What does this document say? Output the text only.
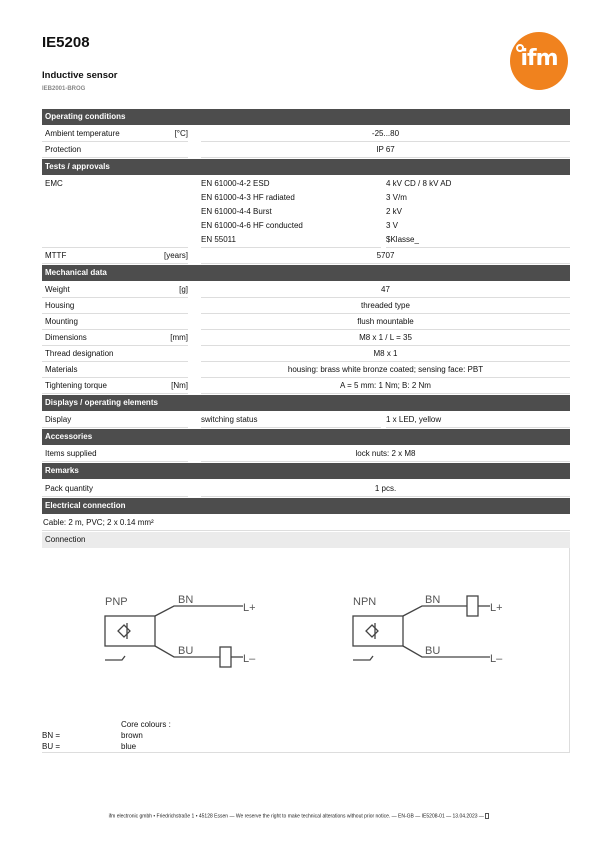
IE5208
Inductive sensor
IEB2001-BROG
ifm
Operating conditions
Ambient temperature	[°C]	-25...80
Protection	IP 67
Tests / approvals
EMC	EN 61000-4-2 ESD	4 kV CD / 8 kV AD
EN 61000-4-3 HF radiated	3 V/m
EN 61000-4-4 Burst	2 kV
EN 61000-4-6 HF conducted	3 V
EN 55011	$Klasse_
MTTF	[years]	5707
Mechanical data
Weight	[g]	47
Housing	threaded type
Mounting	flush mountable
Dimensions	[mm]	M8 x 1 / L = 35
Thread designation	M8 x 1
Materials	housing: brass white bronze coated; sensing face: PBT
Tightening torque	[Nm]	A = 5 mm: 1 Nm; B: 2 Nm
Displays / operating elements
Display	switching status	1 x LED, yellow
Accessories
Items supplied	lock nuts: 2 x M8
Remarks
Pack quantity	1 pcs.
Electrical connection
Cable: 2 m, PVC; 2 x 0.14 mm²
Connection
PNP	BN
L+
BU
L–
NPN	BN
L+
BU
L–
Core colours :
BN =	brown
BU =	blue
ifm electronic gmbh • Friedrichstraße 1 • 45128 Essen — We reserve the right to make technical alterations without prior notice. — EN-GB — IE5208-01 — 13.04.2023 —
